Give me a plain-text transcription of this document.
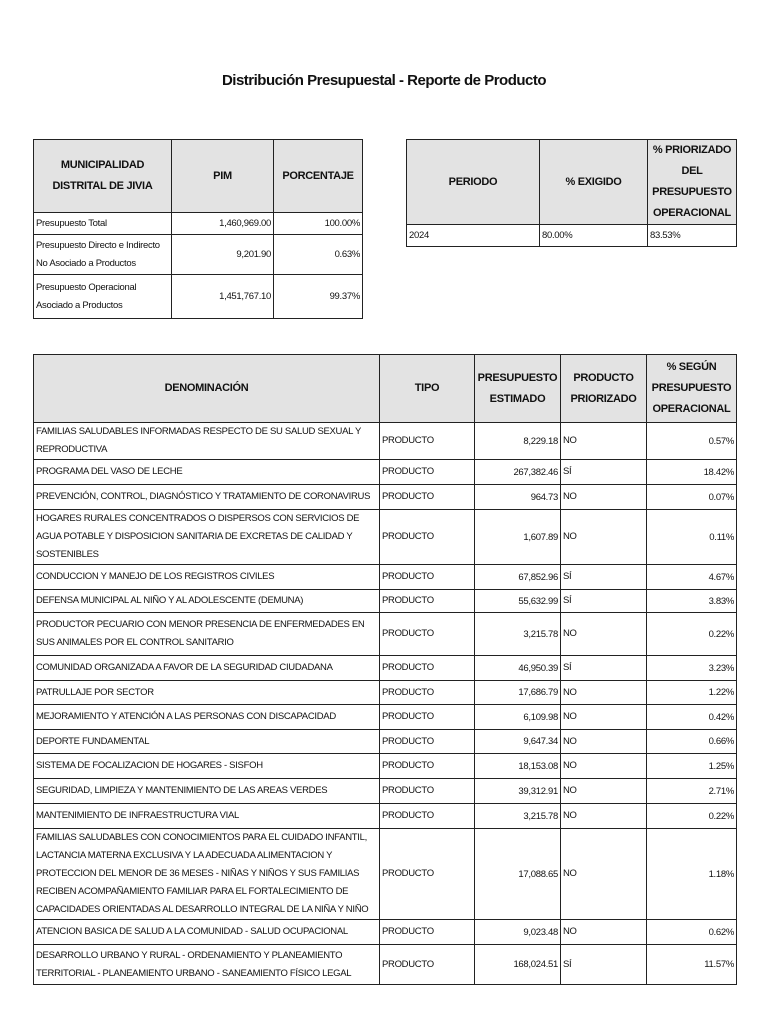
Distribución Presupuestal - Reporte de Producto
MUNICIPALIDAD DISTRITAL DE JIVIA	PIM	PORCENTAJE
Presupuesto Total	1,460,969.00	100.00%
Presupuesto Directo e Indirecto No Asociado a Productos	9,201.90	0.63%
Presupuesto Operacional Asociado a Productos	1,451,767.10	99.37%
PERIODO	% EXIGIDO	% PRIORIZADO DEL PRESUPUESTO OPERACIONAL
2024	80.00%	83.53%
DENOMINACIÓN	TIPO	PRESUPUESTO ESTIMADO	PRODUCTO PRIORIZADO	% SEGÚN PRESUPUESTO OPERACIONAL
FAMILIAS SALUDABLES INFORMADAS RESPECTO DE SU SALUD SEXUAL Y REPRODUCTIVA	PRODUCTO	8,229.18	NO	0.57%
PROGRAMA DEL VASO DE LECHE	PRODUCTO	267,382.46	SÍ	18.42%
PREVENCIÓN, CONTROL, DIAGNÓSTICO Y TRATAMIENTO DE CORONAVIRUS	PRODUCTO	964.73	NO	0.07%
HOGARES RURALES CONCENTRADOS O DISPERSOS CON SERVICIOS DE AGUA POTABLE Y DISPOSICION SANITARIA DE EXCRETAS DE CALIDAD Y SOSTENIBLES	PRODUCTO	1,607.89	NO	0.11%
CONDUCCION Y MANEJO DE LOS REGISTROS CIVILES	PRODUCTO	67,852.96	SÍ	4.67%
DEFENSA MUNICIPAL AL NIÑO Y AL ADOLESCENTE (DEMUNA)	PRODUCTO	55,632.99	SÍ	3.83%
PRODUCTOR PECUARIO CON MENOR PRESENCIA DE ENFERMEDADES EN SUS ANIMALES POR EL CONTROL SANITARIO	PRODUCTO	3,215.78	NO	0.22%
COMUNIDAD ORGANIZADA A FAVOR DE LA SEGURIDAD CIUDADANA	PRODUCTO	46,950.39	SÍ	3.23%
PATRULLAJE POR SECTOR	PRODUCTO	17,686.79	NO	1.22%
MEJORAMIENTO Y ATENCIÓN A LAS PERSONAS CON DISCAPACIDAD	PRODUCTO	6,109.98	NO	0.42%
DEPORTE FUNDAMENTAL	PRODUCTO	9,647.34	NO	0.66%
SISTEMA DE FOCALIZACION DE HOGARES - SISFOH	PRODUCTO	18,153.08	NO	1.25%
SEGURIDAD, LIMPIEZA Y MANTENIMIENTO DE LAS AREAS VERDES	PRODUCTO	39,312.91	NO	2.71%
MANTENIMIENTO DE INFRAESTRUCTURA VIAL	PRODUCTO	3,215.78	NO	0.22%
FAMILIAS SALUDABLES CON CONOCIMIENTOS PARA EL CUIDADO INFANTIL, LACTANCIA MATERNA EXCLUSIVA Y LA ADECUADA ALIMENTACION Y PROTECCION DEL MENOR DE 36 MESES - NIÑAS Y NIÑOS Y SUS FAMILIAS RECIBEN ACOMPAÑAMIENTO FAMILIAR PARA EL FORTALECIMIENTO DE CAPACIDADES ORIENTADAS AL DESARROLLO INTEGRAL DE LA NIÑA Y NIÑO	PRODUCTO	17,088.65	NO	1.18%
ATENCION BASICA DE SALUD A LA COMUNIDAD - SALUD OCUPACIONAL	PRODUCTO	9,023.48	NO	0.62%
DESARROLLO URBANO Y RURAL - ORDENAMIENTO Y PLANEAMIENTO TERRITORIAL - PLANEAMIENTO URBANO - SANEAMIENTO FÍSICO LEGAL	PRODUCTO	168,024.51	SÍ	11.57%
